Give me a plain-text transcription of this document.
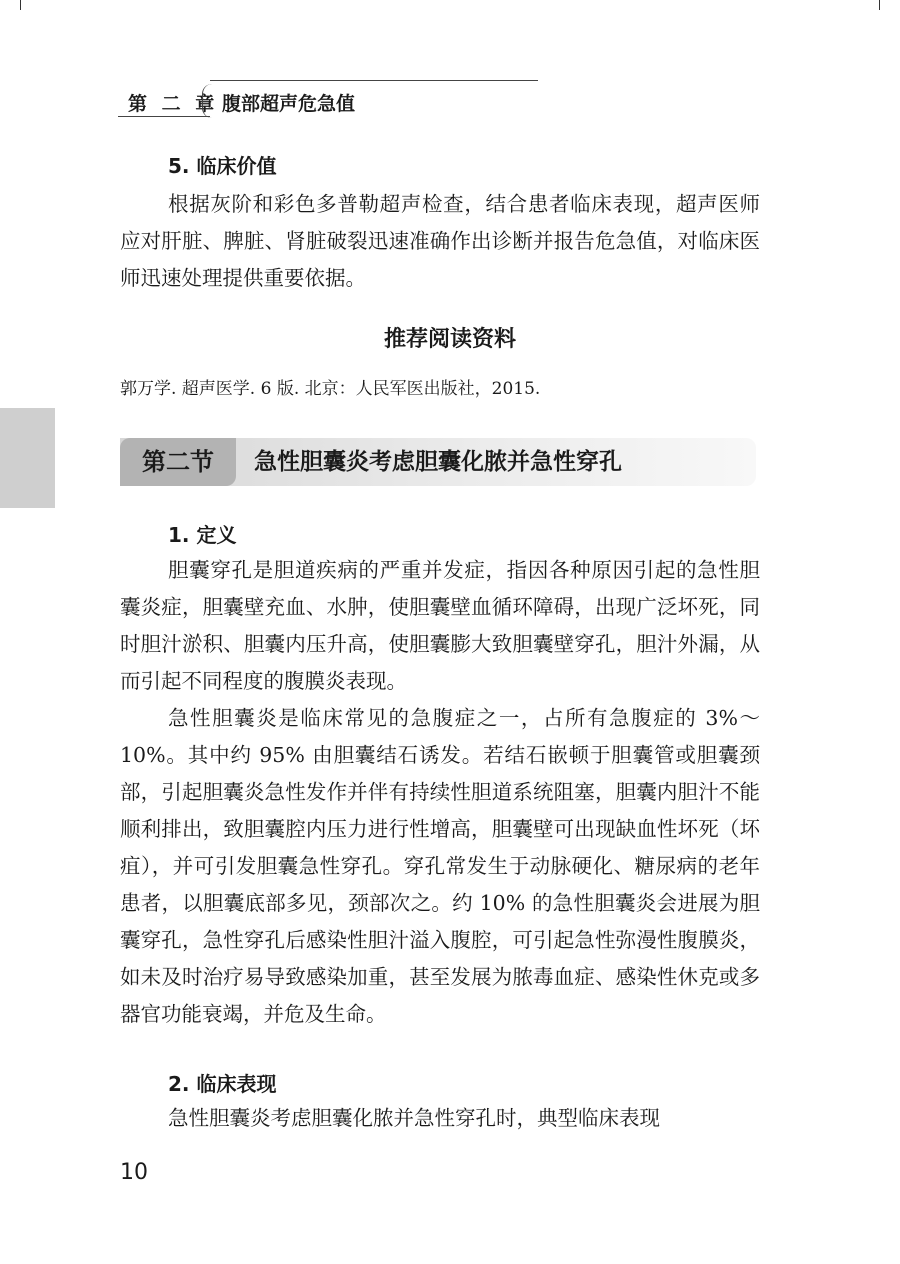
第 二 章 腹部超声危急值
5. 临床价值
根据灰阶和彩色多普勒超声检查，结合患者临床表现，超声医师应对肝脏、脾脏、肾脏破裂迅速准确作出诊断并报告危急值，对临床医师迅速处理提供重要依据。
推荐阅读资料
郭万学. 超声医学. 6 版. 北京：人民军医出版社，2015.
第二节	急性胆囊炎考虑胆囊化脓并急性穿孔
1. 定义
胆囊穿孔是胆道疾病的严重并发症，指因各种原因引起的急性胆囊炎症，胆囊壁充血、水肿，使胆囊壁血循环障碍，出现广泛坏死，同时胆汁淤积、胆囊内压升高，使胆囊膨大致胆囊壁穿孔，胆汁外漏，从而引起不同程度的腹膜炎表现。
急性胆囊炎是临床常见的急腹症之一，占所有急腹症的 3%～10%。其中约 95% 由胆囊结石诱发。若结石嵌顿于胆囊管或胆囊颈部，引起胆囊炎急性发作并伴有持续性胆道系统阻塞，胆囊内胆汁不能顺利排出，致胆囊腔内压力进行性增高，胆囊壁可出现缺血性坏死（坏疽），并可引发胆囊急性穿孔。穿孔常发生于动脉硬化、糖尿病的老年患者，以胆囊底部多见，颈部次之。约 10% 的急性胆囊炎会进展为胆囊穿孔，急性穿孔后感染性胆汁溢入腹腔，可引起急性弥漫性腹膜炎，如未及时治疗易导致感染加重，甚至发展为脓毒血症、感染性休克或多器官功能衰竭，并危及生命。
2. 临床表现
急性胆囊炎考虑胆囊化脓并急性穿孔时，典型临床表现
10
